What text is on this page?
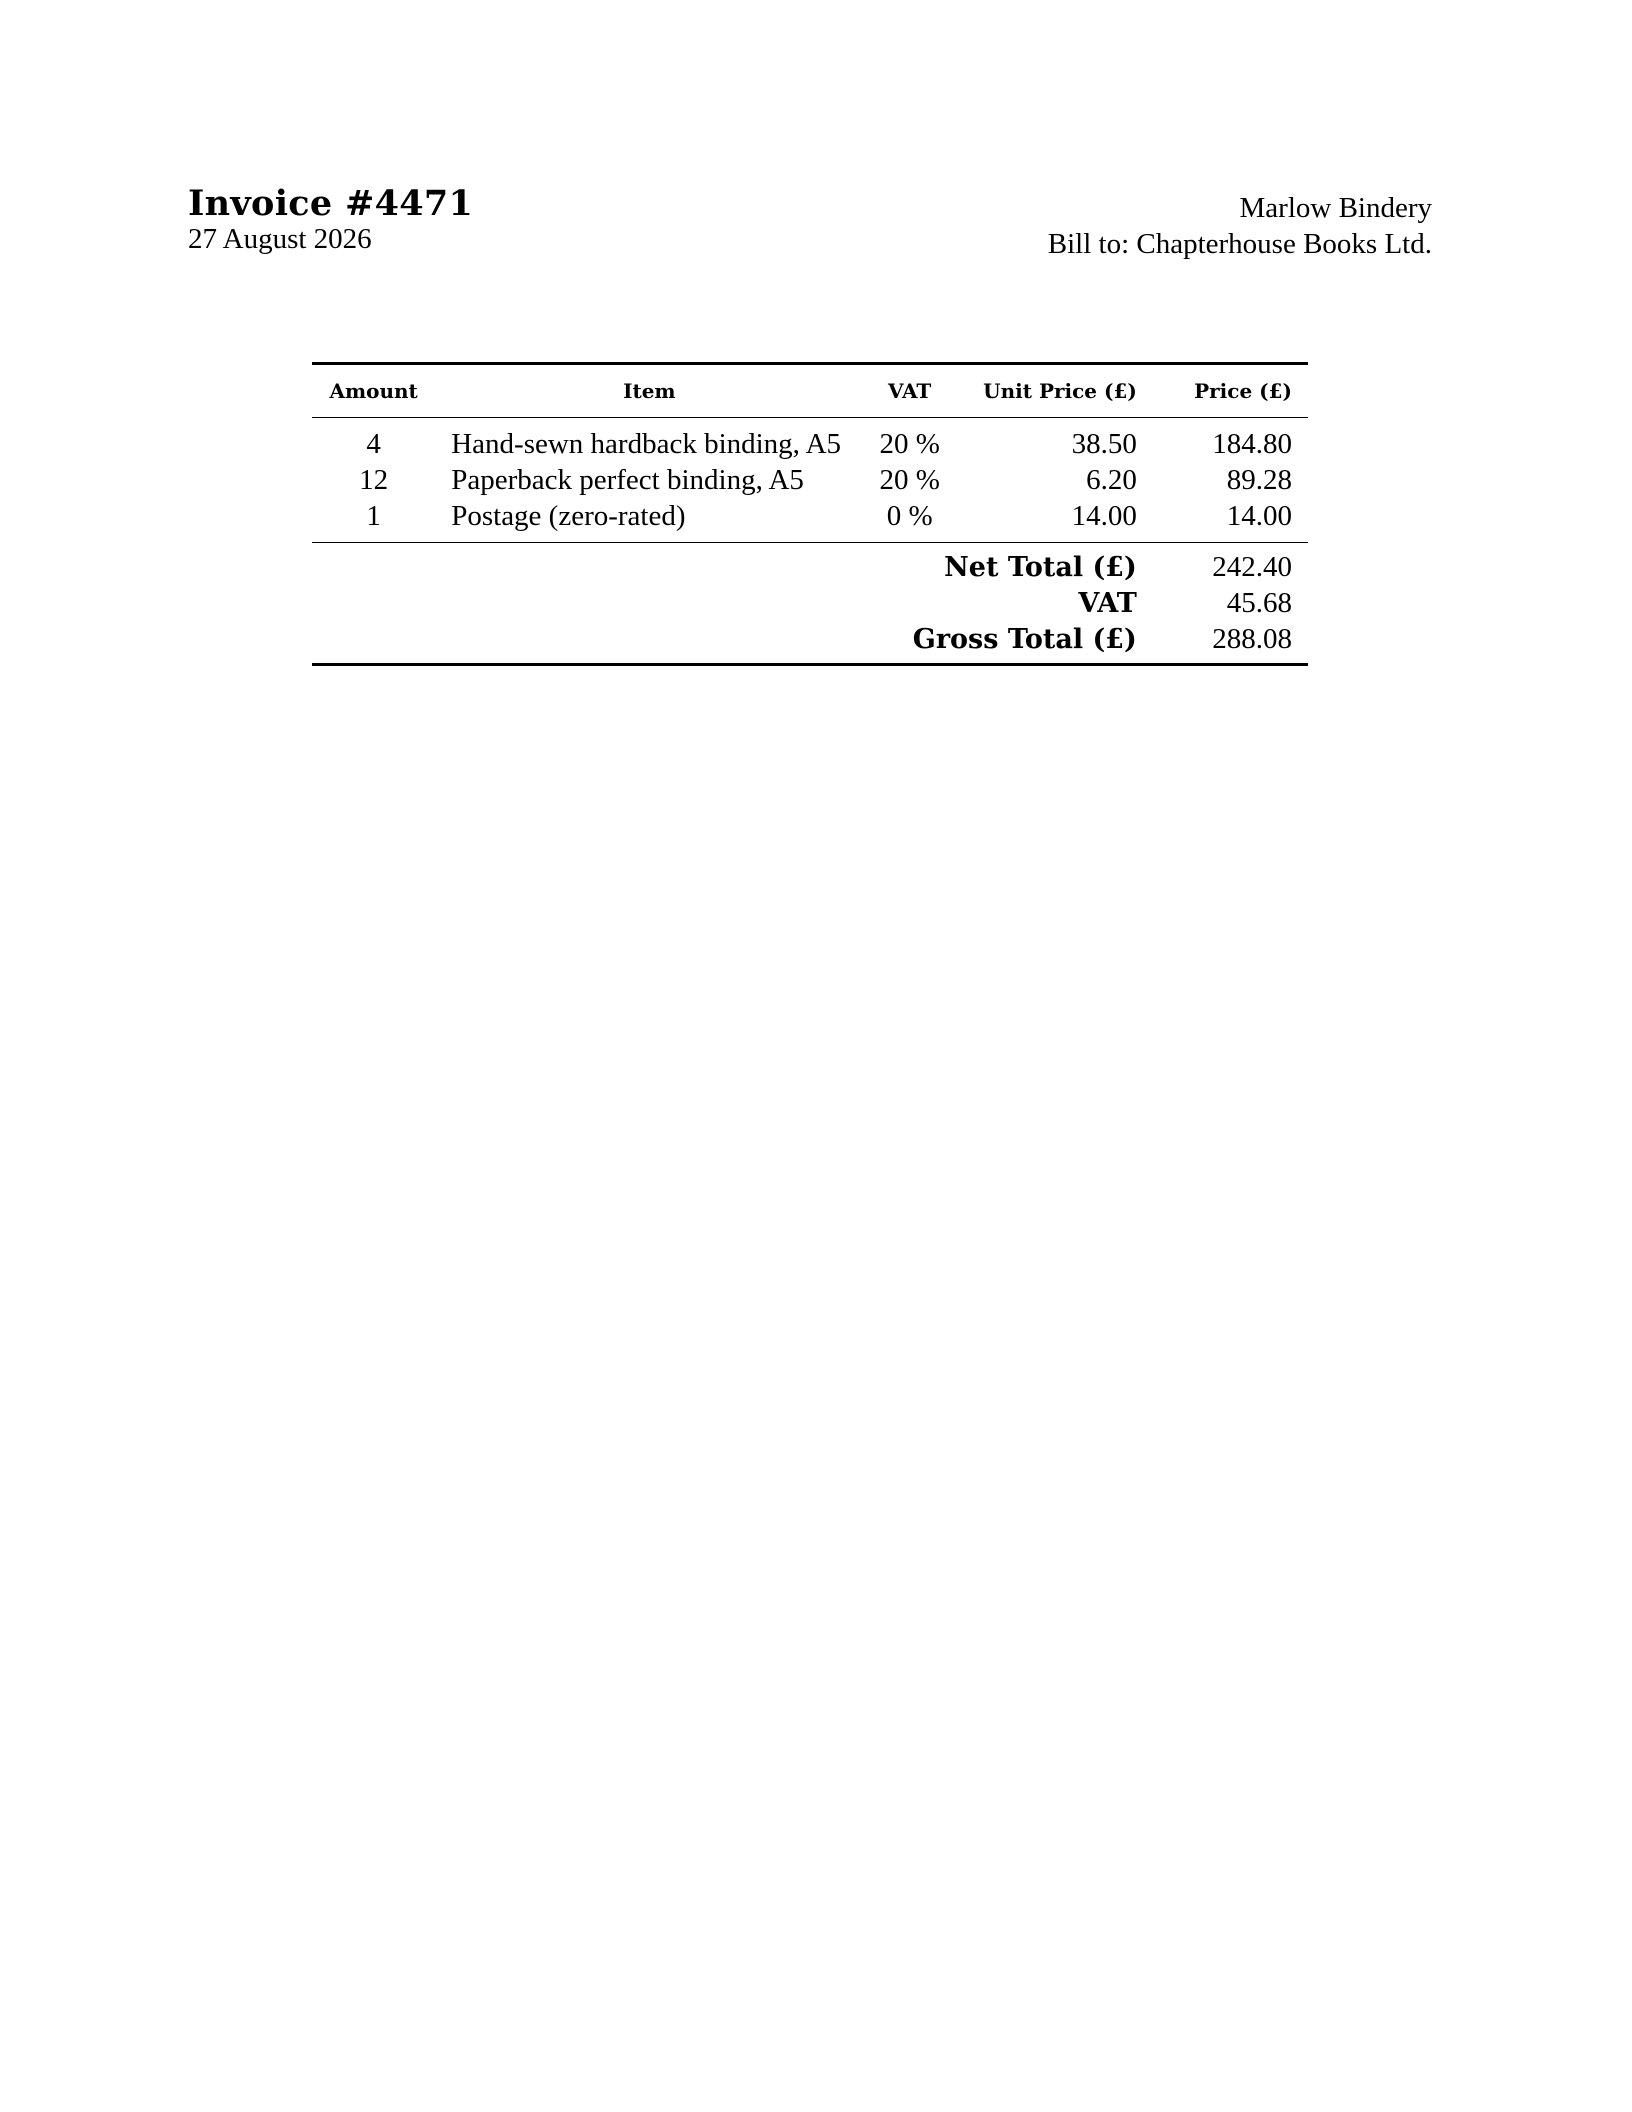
Invoice #4471
27 August 2026
Marlow Bindery
Bill to: Chapterhouse Books Ltd.
Amount	Item	VAT	Unit Price (£)	Price (£)
4	Hand-sewn hardback binding, A5	20 %	38.50	184.80
12	Paperback perfect binding, A5	20 %	6.20	89.28
1	Postage (zero-rated)	0 %	14.00	14.00
Net Total (£)				242.40
VAT				45.68
Gross Total (£)				288.08
